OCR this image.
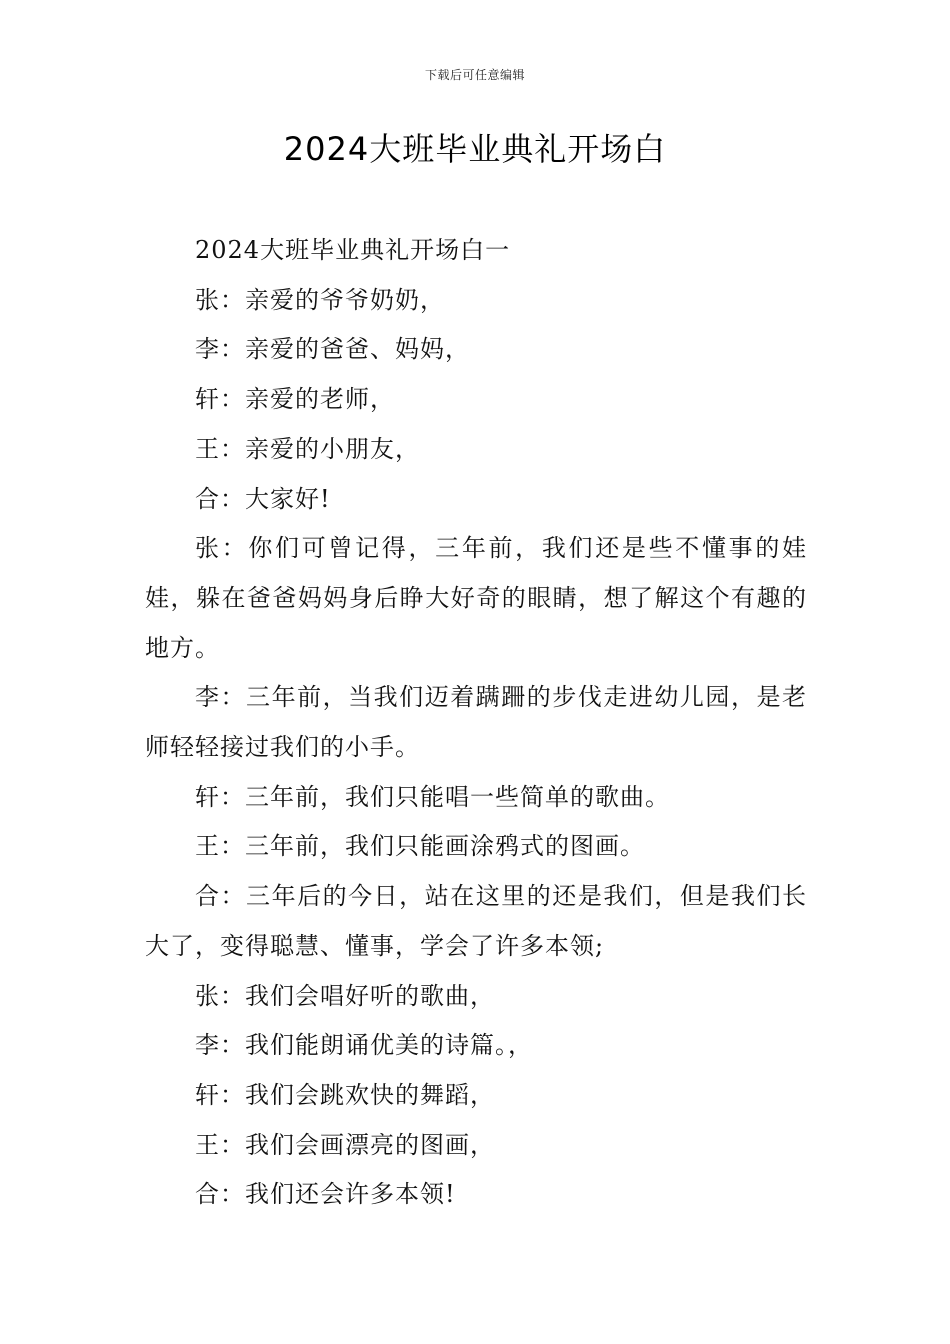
下载后可任意编辑
2024大班毕业典礼开场白

2024大班毕业典礼开场白一

张：亲爱的爷爷奶奶，

李：亲爱的爸爸、妈妈，

轩：亲爱的老师，

王：亲爱的小朋友，

合：大家好!

张：你们可曾记得，三年前，我们还是些不懂事的娃娃，躲在爸爸妈妈身后睁大好奇的眼睛，想了解这个有趣的地方。

李：三年前，当我们迈着蹒跚的步伐走进幼儿园，是老师轻轻接过我们的小手。

轩：三年前，我们只能唱一些简单的歌曲。

王：三年前，我们只能画涂鸦式的图画。

合：三年后的今日，站在这里的还是我们，但是我们长大了，变得聪慧、懂事，学会了许多本领;

张：我们会唱好听的歌曲，

李：我们能朗诵优美的诗篇。，

轩：我们会跳欢快的舞蹈，

王：我们会画漂亮的图画，

合：我们还会许多本领!
